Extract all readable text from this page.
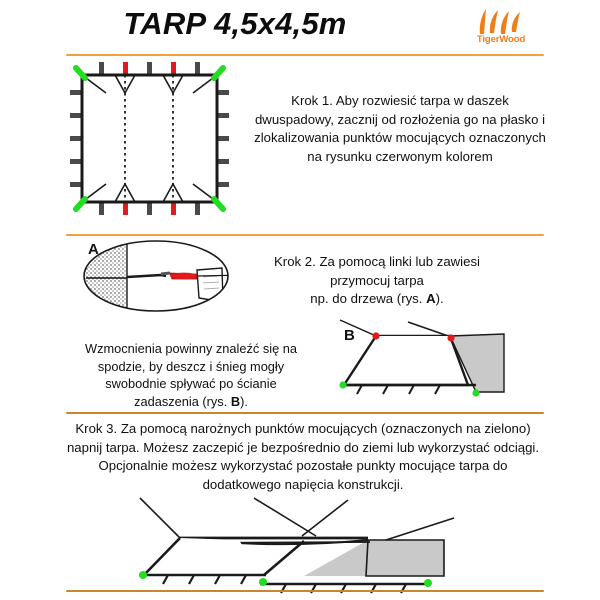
TARP 4,5x4,5m	TigerWood
Krok 1. Aby rozwiesić tarpa w daszek dwuspadowy, zacznij od rozłożenia go na płasko i zlokalizowania punktów mocujących oznaczonych na rysunku czerwonym kolorem
A
Krok 2. Za pomocą linki lub zawiesi
przymocuj tarpa
np. do drzewa (rys. A).
B
Wzmocnienia powinny znaleźć się na
spodzie, by deszcz i śnieg mogły
swobodnie spływać po ścianie
zadaszenia (rys. B).
Krok 3. Za pomocą narożnych punktów mocujących (oznaczonych na zielono) napnij tarpa. Możesz zaczepić je bezpośrednio do ziemi lub wykorzystać odciągi. Opcjonalnie możesz wykorzystać pozostałe punkty mocujące tarpa do dodatkowego napięcia konstrukcji.
